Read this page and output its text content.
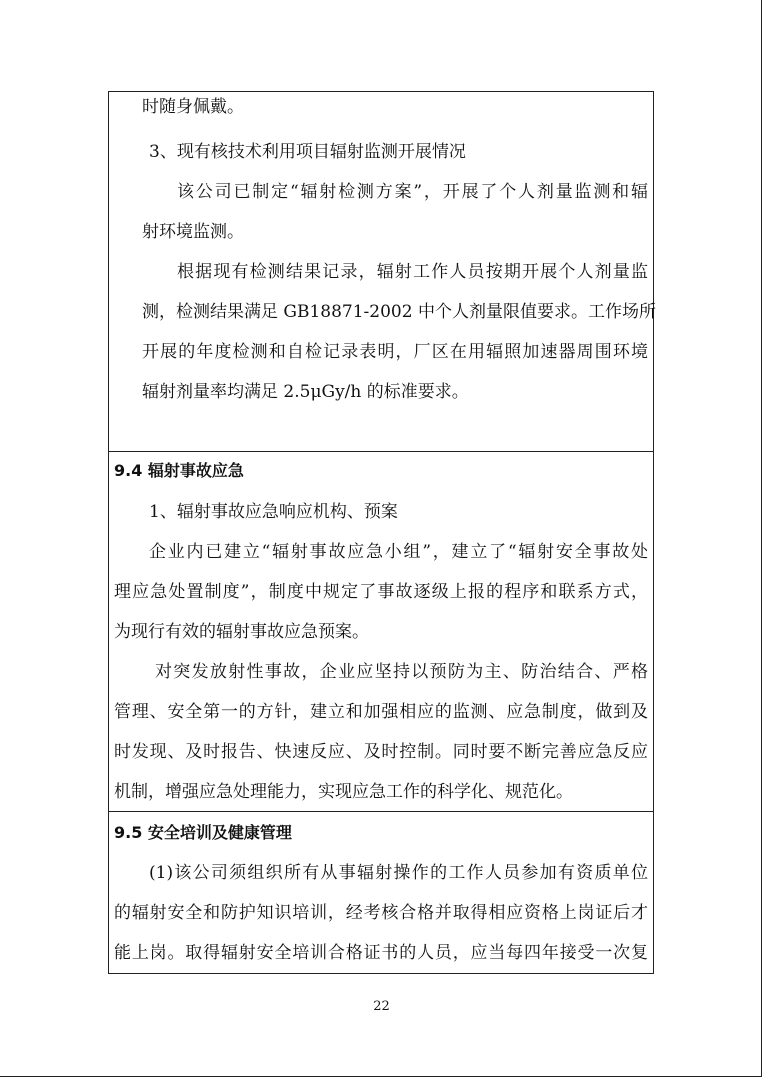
时随身佩戴。

3、现有核技术利用项目辐射监测开展情况

该公司已制定“辐射检测方案”，开展了个人剂量监测和辐

射环境监测。

根据现有检测结果记录，辐射工作人员按期开展个人剂量监

测，检测结果满足 GB18871-2002 中个人剂量限值要求。工作场所

开展的年度检测和自检记录表明，厂区在用辐照加速器周围环境

辐射剂量率均满足 2.5μGy/h 的标准要求。

9.4 辐射事故应急

1、辐射事故应急响应机构、预案

企业内已建立“辐射事故应急小组”，建立了“辐射安全事故处

理应急处置制度”，制度中规定了事故逐级上报的程序和联系方式，

为现行有效的辐射事故应急预案。

对突发放射性事故，企业应坚持以预防为主、防治结合、严格

管理、安全第一的方针，建立和加强相应的监测、应急制度，做到及

时发现、及时报告、快速反应、及时控制。同时要不断完善应急反应

机制，增强应急处理能力，实现应急工作的科学化、规范化。

9.5 安全培训及健康管理

(1)该公司须组织所有从事辐射操作的工作人员参加有资质单位

的辐射安全和防护知识培训，经考核合格并取得相应资格上岗证后才

能上岗。取得辐射安全培训合格证书的人员，应当每四年接受一次复

22
